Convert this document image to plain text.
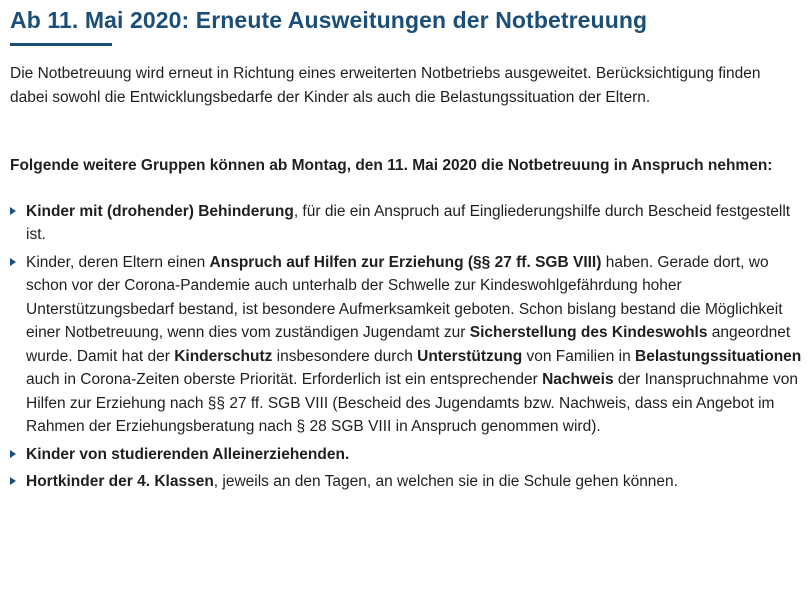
Ab 11. Mai 2020: Erneute Ausweitungen der Notbetreuung

Die Notbetreuung wird erneut in Richtung eines erweiterten Notbetriebs ausgeweitet. Berücksichtigung finden dabei sowohl die Entwicklungsbedarfe der Kinder als auch die Belastungssituation der Eltern.

Folgende weitere Gruppen können ab Montag, den 11. Mai 2020 die Notbetreuung in Anspruch nehmen:

Kinder mit (drohender) Behinderung, für die ein Anspruch auf Eingliederungshilfe durch Bescheid festgestellt ist.
Kinder, deren Eltern einen Anspruch auf Hilfen zur Erziehung (§§ 27 ff. SGB VIII) haben. Gerade dort, wo schon vor der Corona-Pandemie auch unterhalb der Schwelle zur Kindeswohlgefährdung hoher Unterstützungsbedarf bestand, ist besondere Aufmerksamkeit geboten. Schon bislang bestand die Möglichkeit einer Notbetreuung, wenn dies vom zuständigen Jugendamt zur Sicherstellung des Kindeswohls angeordnet wurde. Damit hat der Kinderschutz insbesondere durch Unterstützung von Familien in Belastungssituationen auch in Corona-Zeiten oberste Priorität. Erforderlich ist ein entsprechender Nachweis der Inanspruchnahme von Hilfen zur Erziehung nach §§ 27 ff. SGB VIII (Bescheid des Jugendamts bzw. Nachweis, dass ein Angebot im Rahmen der Erziehungsberatung nach § 28 SGB VIII in Anspruch genommen wird).
Kinder von studierenden Alleinerziehenden.
Hortkinder der 4. Klassen, jeweils an den Tagen, an welchen sie in die Schule gehen können.
